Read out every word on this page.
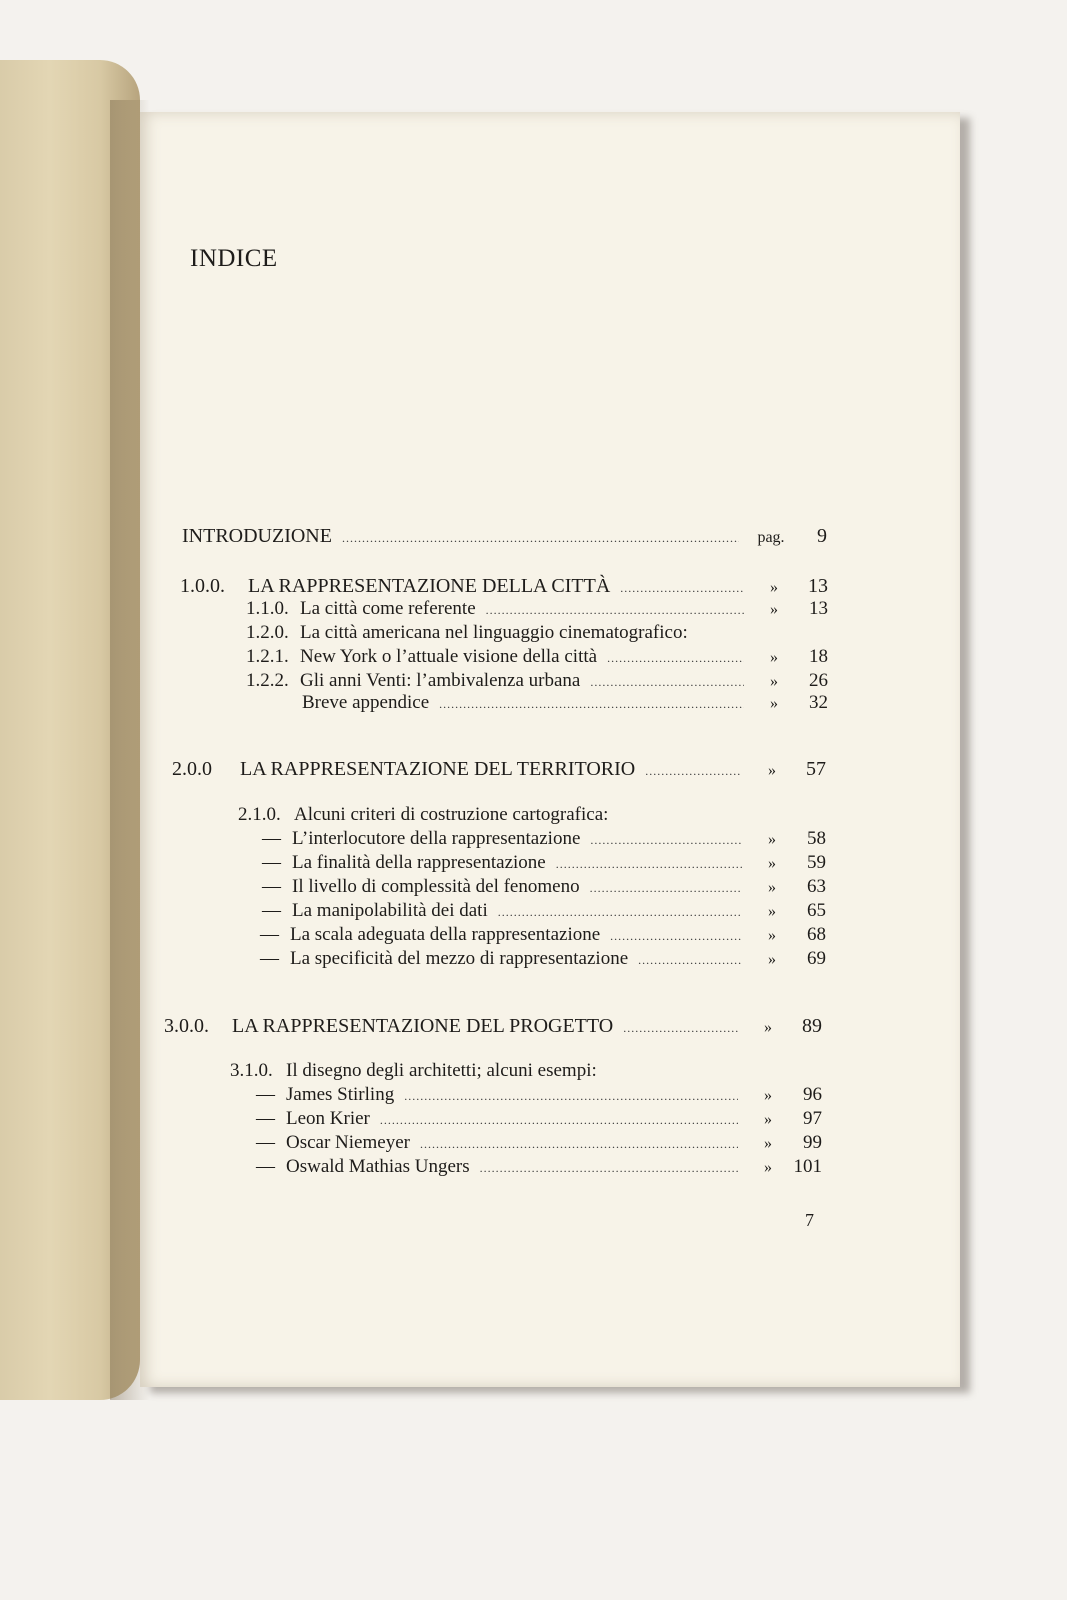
INDICE
INTRODUZIONE .....	pag.	9
1.0.0.	LA RAPPRESENTAZIONE DELLA CITTÀ .....	»	13
1.1.0. La città come referente .....	»	13
1.2.0. La città americana nel linguaggio cinematografico:
1.2.1. New York o l’attuale visione della città .....	»	18
1.2.2. Gli anni Venti: l’ambivalenza urbana .....	»	26
Breve appendice .....	»	32
2.0.0	LA RAPPRESENTAZIONE DEL TERRITORIO .....	»	57
2.1.0. Alcuni criteri di costruzione cartografica:
— L’interlocutore della rappresentazione .....	»	58
— La finalità della rappresentazione .....	»	59
— Il livello di complessità del fenomeno .....	»	63
— La manipolabilità dei dati .....	»	65
— La scala adeguata della rappresentazione .....	»	68
— La specificità del mezzo di rappresentazione .....	»	69
3.0.0.	LA RAPPRESENTAZIONE DEL PROGETTO .....	»	89
3.1.0. Il disegno degli architetti; alcuni esempi:
— James Stirling .....	»	96
— Leon Krier .....	»	97
— Oscar Niemeyer .....	»	99
— Oswald Mathias Ungers .....	»	101
7
